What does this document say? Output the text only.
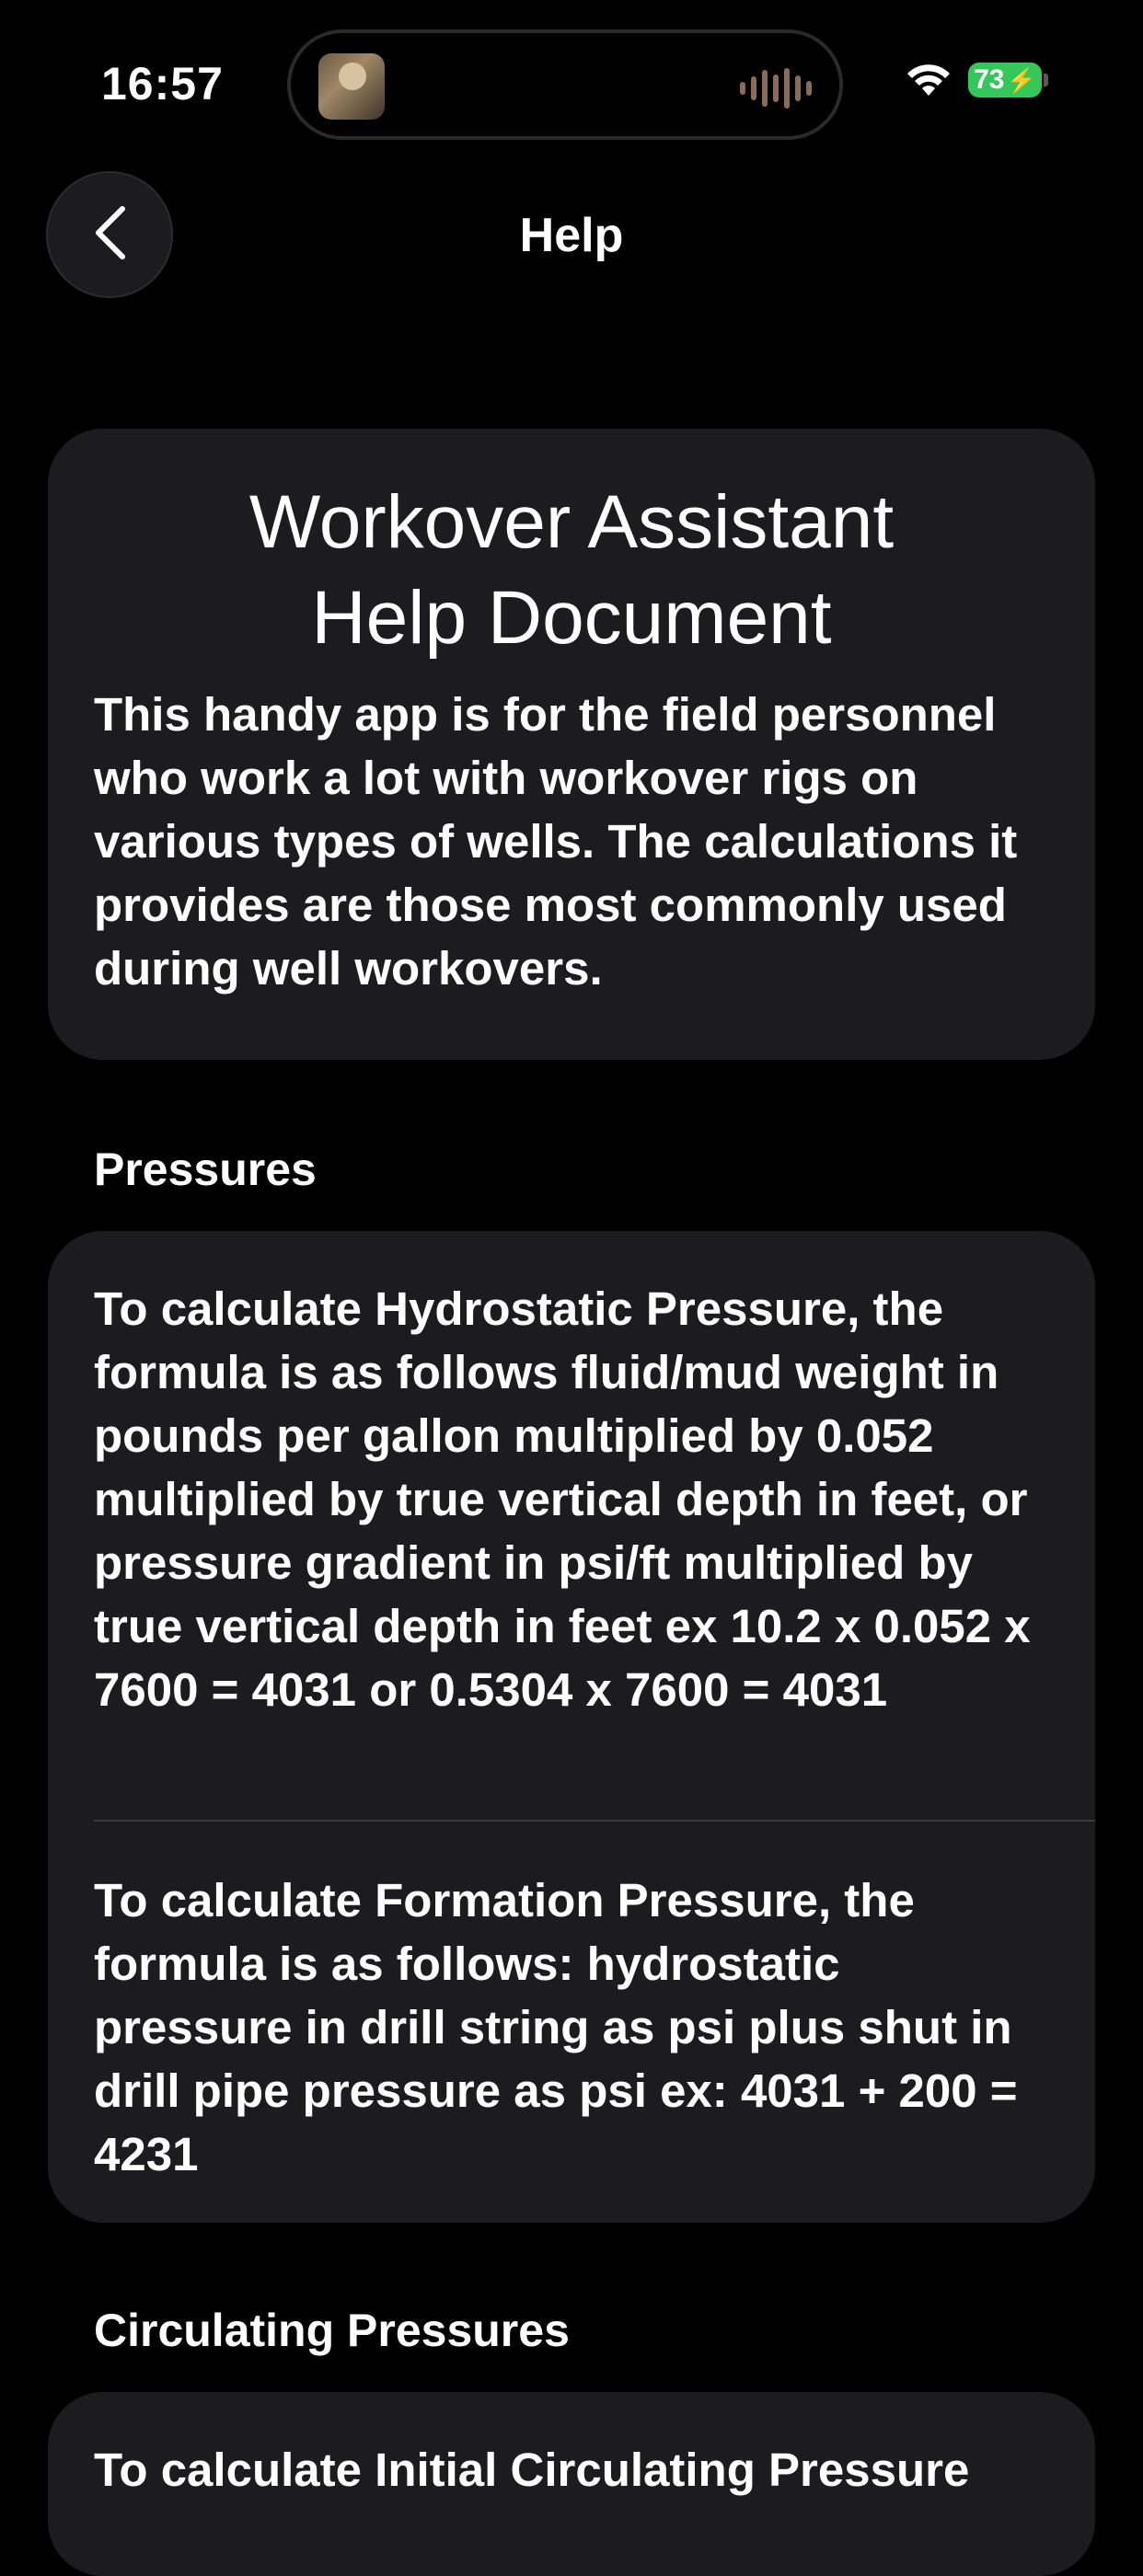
16:57	73 ⚡
Help
Workover Assistant
Help Document

This handy app is for the field personnel who work a lot with workover rigs on various types of wells. The calculations it provides are those most commonly used during well workovers.

Pressures

To calculate Hydrostatic Pressure, the formula is as follows fluid/mud weight in pounds per gallon multiplied by 0.052 multiplied by true vertical depth in feet, or pressure gradient in psi/ft multiplied by true vertical depth in feet ex 10.2 x 0.052 x 7600 = 4031 or 0.5304 x 7600 = 4031

To calculate Formation Pressure, the formula is as follows: hydrostatic pressure in drill string as psi plus shut in drill pipe pressure as psi ex: 4031 + 200 = 4231

Circulating Pressures

To calculate Initial Circulating Pressure
